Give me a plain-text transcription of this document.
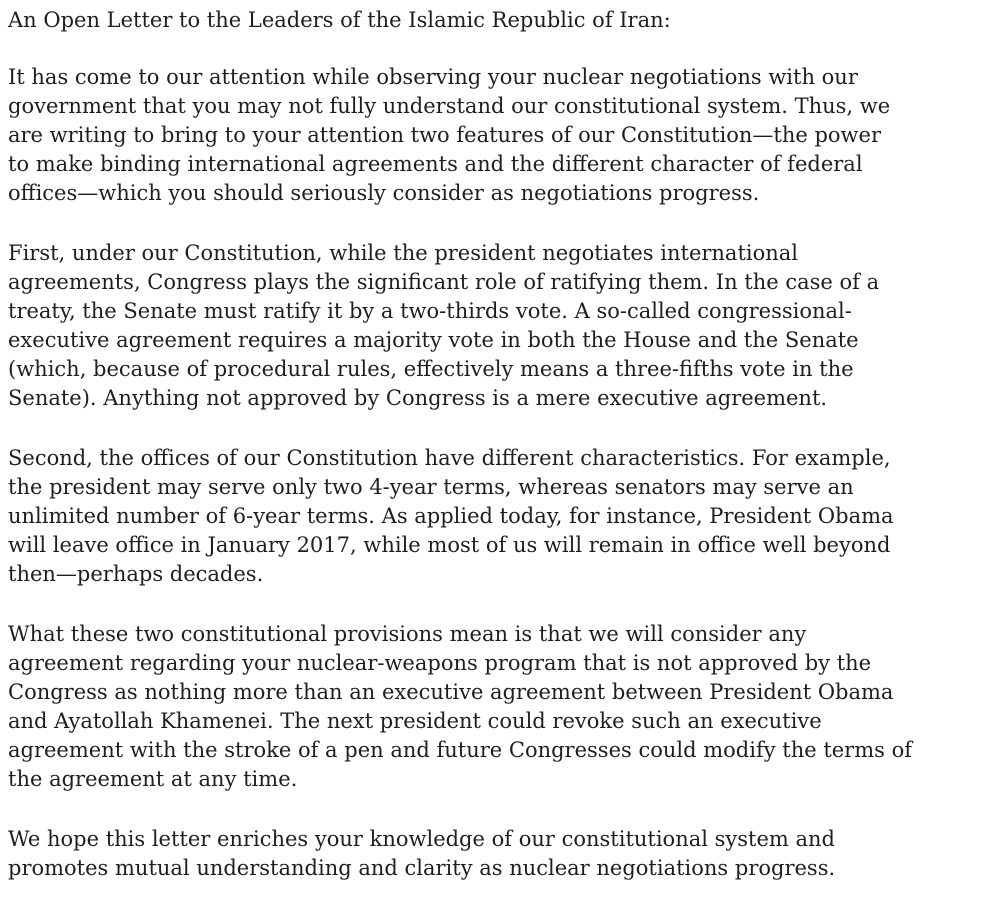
An Open Letter to the Leaders of the Islamic Republic of Iran:

It has come to our attention while observing your nuclear negotiations with our

government that you may not fully understand our constitutional system. Thus, we

are writing to bring to your attention two features of our Constitution—the power

to make binding international agreements and the different character of federal

offices—which you should seriously consider as negotiations progress.

First, under our Constitution, while the president negotiates international

agreements, Congress plays the significant role of ratifying them. In the case of a

treaty, the Senate must ratify it by a two-thirds vote. A so-called congressional-

executive agreement requires a majority vote in both the House and the Senate

(which, because of procedural rules, effectively means a three-fifths vote in the

Senate). Anything not approved by Congress is a mere executive agreement.

Second, the offices of our Constitution have different characteristics. For example,

the president may serve only two 4-year terms, whereas senators may serve an

unlimited number of 6-year terms. As applied today, for instance, President Obama

will leave office in January 2017, while most of us will remain in office well beyond

then—perhaps decades.

What these two constitutional provisions mean is that we will consider any

agreement regarding your nuclear-weapons program that is not approved by the

Congress as nothing more than an executive agreement between President Obama

and Ayatollah Khamenei. The next president could revoke such an executive

agreement with the stroke of a pen and future Congresses could modify the terms of

the agreement at any time.

We hope this letter enriches your knowledge of our constitutional system and

promotes mutual understanding and clarity as nuclear negotiations progress.
